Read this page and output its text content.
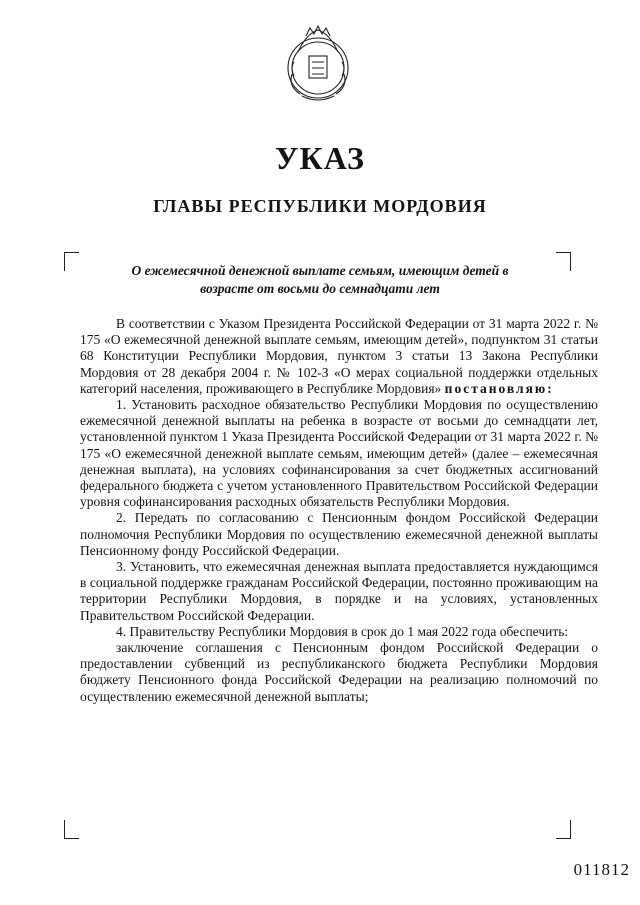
УКАЗ
ГЛАВЫ РЕСПУБЛИКИ МОРДОВИЯ
О ежемесячной денежной выплате семьям, имеющим детей в
возрасте от восьми до семнадцати лет

В соответствии с Указом Президента Российской Федерации от 31 марта 2022 г. № 175 «О ежемесячной денежной выплате семьям, имеющим детей», подпунктом 31 статьи 68 Конституции Республики Мордовия, пунктом 3 статьи 13 Закона Республики Мордовия от 28 декабря 2004 г. № 102-З «О мерах социальной поддержки отдельных категорий населения, проживающего в Республике Мордовия» постановляю:

1. Установить расходное обязательство Республики Мордовия по осуществлению ежемесячной денежной выплаты на ребенка в возрасте от восьми до семнадцати лет, установленной пунктом 1 Указа Президента Российской Федерации от 31 марта 2022 г. № 175 «О ежемесячной денежной выплате семьям, имеющим детей» (далее – ежемесячная денежная выплата), на условиях софинансирования за счет бюджетных ассигнований федерального бюджета с учетом установленного Правительством Российской Федерации уровня софинансирования расходных обязательств Республики Мордовия.

2. Передать по согласованию с Пенсионным фондом Российской Федерации полномочия Республики Мордовия по осуществлению ежемесячной денежной выплаты Пенсионному фонду Российской Федерации.

3. Установить, что ежемесячная денежная выплата предоставляется нуждающимся в социальной поддержке гражданам Российской Федерации, постоянно проживающим на территории Республики Мордовия, в порядке и на условиях, установленных Правительством Российской Федерации.

4. Правительству Республики Мордовия в срок до 1 мая 2022 года обеспечить:

заключение соглашения с Пенсионным фондом Российской Федерации о предоставлении субвенций из республиканского бюджета Республики Мордовия бюджету Пенсионного фонда Российской Федерации на реализацию полномочий по осуществлению ежемесячной денежной выплаты;

011812
